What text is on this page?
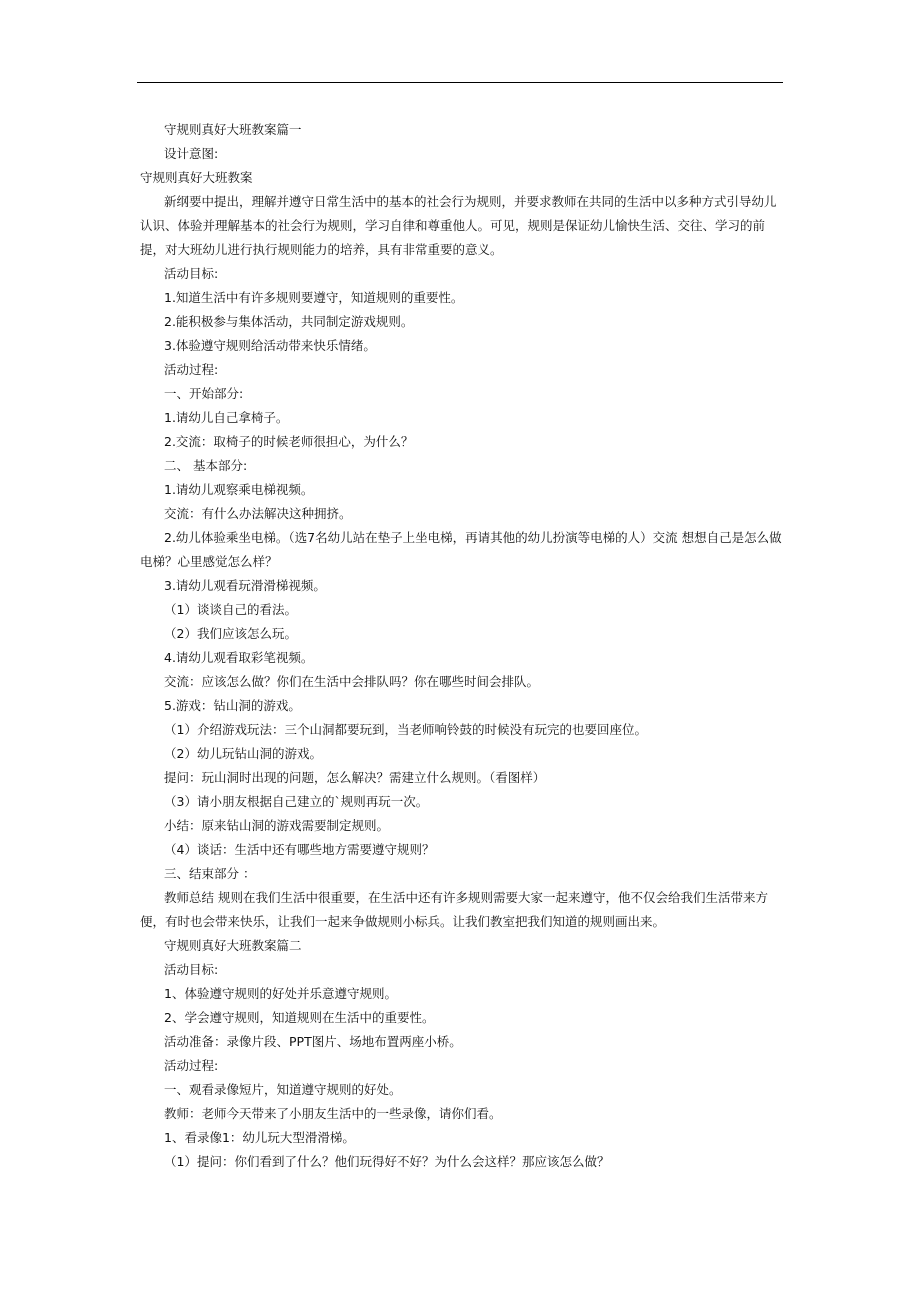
守规则真好大班教案篇一

设计意图:

守规则真好大班教案

新纲要中提出，理解并遵守日常生活中的基本的社会行为规则，并要求教师在共同的生活中以多种方式引导幼儿认识、体验并理解基本的社会行为规则，学习自律和尊重他人。可见，规则是保证幼儿愉快生活、交往、学习的前提，对大班幼儿进行执行规则能力的培养，具有非常重要的意义。

活动目标:

1.知道生活中有许多规则要遵守，知道规则的重要性。

2.能积极参与集体活动，共同制定游戏规则。

3.体验遵守规则给活动带来快乐情绪。

活动过程:

一、开始部分:

1.请幼儿自己拿椅子。

2.交流：取椅子的时候老师很担心，为什么？

二、 基本部分:

1.请幼儿观察乘电梯视频。

交流：有什么办法解决这种拥挤。

2.幼儿体验乘坐电梯。（选7名幼儿站在垫子上坐电梯，再请其他的幼儿扮演等电梯的人）交流 想想自己是怎么做电梯？心里感觉怎么样？

3.请幼儿观看玩滑滑梯视频。

（1）谈谈自己的看法。

（2）我们应该怎么玩。

4.请幼儿观看取彩笔视频。

交流：应该怎么做？你们在生活中会排队吗？你在哪些时间会排队。

5.游戏：钻山洞的游戏。

（1）介绍游戏玩法：三个山洞都要玩到，当老师响铃鼓的时候没有玩完的也要回座位。

（2）幼儿玩钻山洞的游戏。

提问：玩山洞时出现的问题，怎么解决？需建立什么规则。（看图样）

（3）请小朋友根据自己建立的`规则再玩一次。

小结：原来钻山洞的游戏需要制定规则。

（4）谈话：生活中还有哪些地方需要遵守规则？

三、结束部分 ：

教师总结 规则在我们生活中很重要，在生活中还有许多规则需要大家一起来遵守，他不仅会给我们生活带来方便，有时也会带来快乐，让我们一起来争做规则小标兵。让我们教室把我们知道的规则画出来。

守规则真好大班教案篇二

活动目标:

1、体验遵守规则的好处并乐意遵守规则。

2、学会遵守规则，知道规则在生活中的重要性。

活动准备：录像片段、PPT图片、场地布置两座小桥。

活动过程:

一、观看录像短片，知道遵守规则的好处。

教师：老师今天带来了小朋友生活中的一些录像，请你们看。

1、看录像1：幼儿玩大型滑滑梯。

（1）提问：你们看到了什么？他们玩得好不好？为什么会这样？那应该怎么做？
